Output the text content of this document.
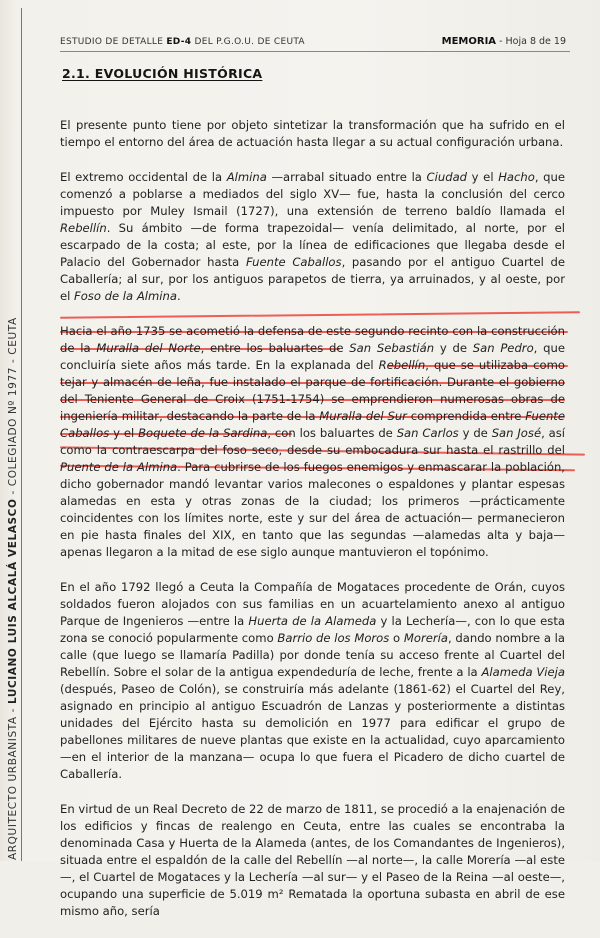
ARQUITECTO URBANISTA - LUCIANO LUIS ALCALÁ VELASCO - COLEGIADO Nº 1977 - CEUTA
ESTUDIO DE DETALLE ED-4 DEL P.G.O.U. DE CEUTA	MEMORIA - Hoja 8 de 19
2.1. EVOLUCIÓN HISTÓRICA

El presente punto tiene por objeto sintetizar la transformación que ha sufrido en el tiempo el entorno del área de actuación hasta llegar a su actual configuración urbana.

El extremo occidental de la Almina —arrabal situado entre la Ciudad y el Hacho, que comenzó a poblarse a mediados del siglo XV— fue, hasta la conclusión del cerco impuesto por Muley Ismail (1727), una extensión de terreno baldío llamada el Rebellín. Su ámbito —de forma trapezoidal— venía delimitado, al norte, por el escarpado de la costa; al este, por la línea de edificaciones que llegaba desde el Palacio del Gobernador hasta Fuente Caballos, pasando por el antiguo Cuartel de Caballería; al sur, por los antiguos parapetos de tierra, ya arruinados, y al oeste, por el Foso de la Almina.

Hacia el año 1735 se acometió la defensa de este segundo recinto con la construcción de la Muralla del Norte, entre los baluartes de San Sebastián y de San Pedro, que concluiría siete años más tarde. En la explanada del Rebellín, que se utilizaba como tejar y almacén de leña, fue instalado el parque de fortificación. Durante el gobierno del Teniente General de Croix (1751-1754) se emprendieron numerosas obras de ingeniería militar, destacando la parte de la Muralla del Sur comprendida entre Fuente Caballos y el Boquete de la Sardina, con los baluartes de San Carlos y de San José, así como la contraescarpa del foso seco, desde su embocadura sur hasta el rastrillo del Puente de la Almina. Para cubrirse de los fuegos enemigos y enmascarar la población, dicho gobernador mandó levantar varios malecones o espaldones y plantar espesas alamedas en esta y otras zonas de la ciudad; los primeros —prácticamente coincidentes con los límites norte, este y sur del área de actuación— permanecieron en pie hasta finales del XIX, en tanto que las segundas —alamedas alta y baja— apenas llegaron a la mitad de ese siglo aunque mantuvieron el topónimo.

En el año 1792 llegó a Ceuta la Compañía de Mogataces procedente de Orán, cuyos soldados fueron alojados con sus familias en un acuartelamiento anexo al antiguo Parque de Ingenieros —entre la Huerta de la Alameda y la Lechería—, con lo que esta zona se conoció popularmente como Barrio de los Moros o Morería, dando nombre a la calle (que luego se llamaría Padilla) por donde tenía su acceso frente al Cuartel del Rebellín. Sobre el solar de la antigua expendeduría de leche, frente a la Alameda Vieja (después, Paseo de Colón), se construiría más adelante (1861-62) el Cuartel del Rey, asignado en principio al antiguo Escuadrón de Lanzas y posteriormente a distintas unidades del Ejército hasta su demolición en 1977 para edificar el grupo de pabellones militares de nueve plantas que existe en la actualidad, cuyo aparcamiento —en el interior de la manzana— ocupa lo que fuera el Picadero de dicho cuartel de Caballería.

En virtud de un Real Decreto de 22 de marzo de 1811, se procedió a la enajenación de los edificios y fincas de realengo en Ceuta, entre las cuales se encontraba la denominada Casa y Huerta de la Alameda (antes, de los Comandantes de Ingenieros), situada entre el espaldón de la calle del Rebellín —al norte—, la calle Morería —al este—, el Cuartel de Mogataces y la Lechería —al sur— y el Paseo de la Reina —al oeste—, ocupando una superficie de 5.019 m² Rematada la oportuna subasta en abril de ese mismo año, sería
